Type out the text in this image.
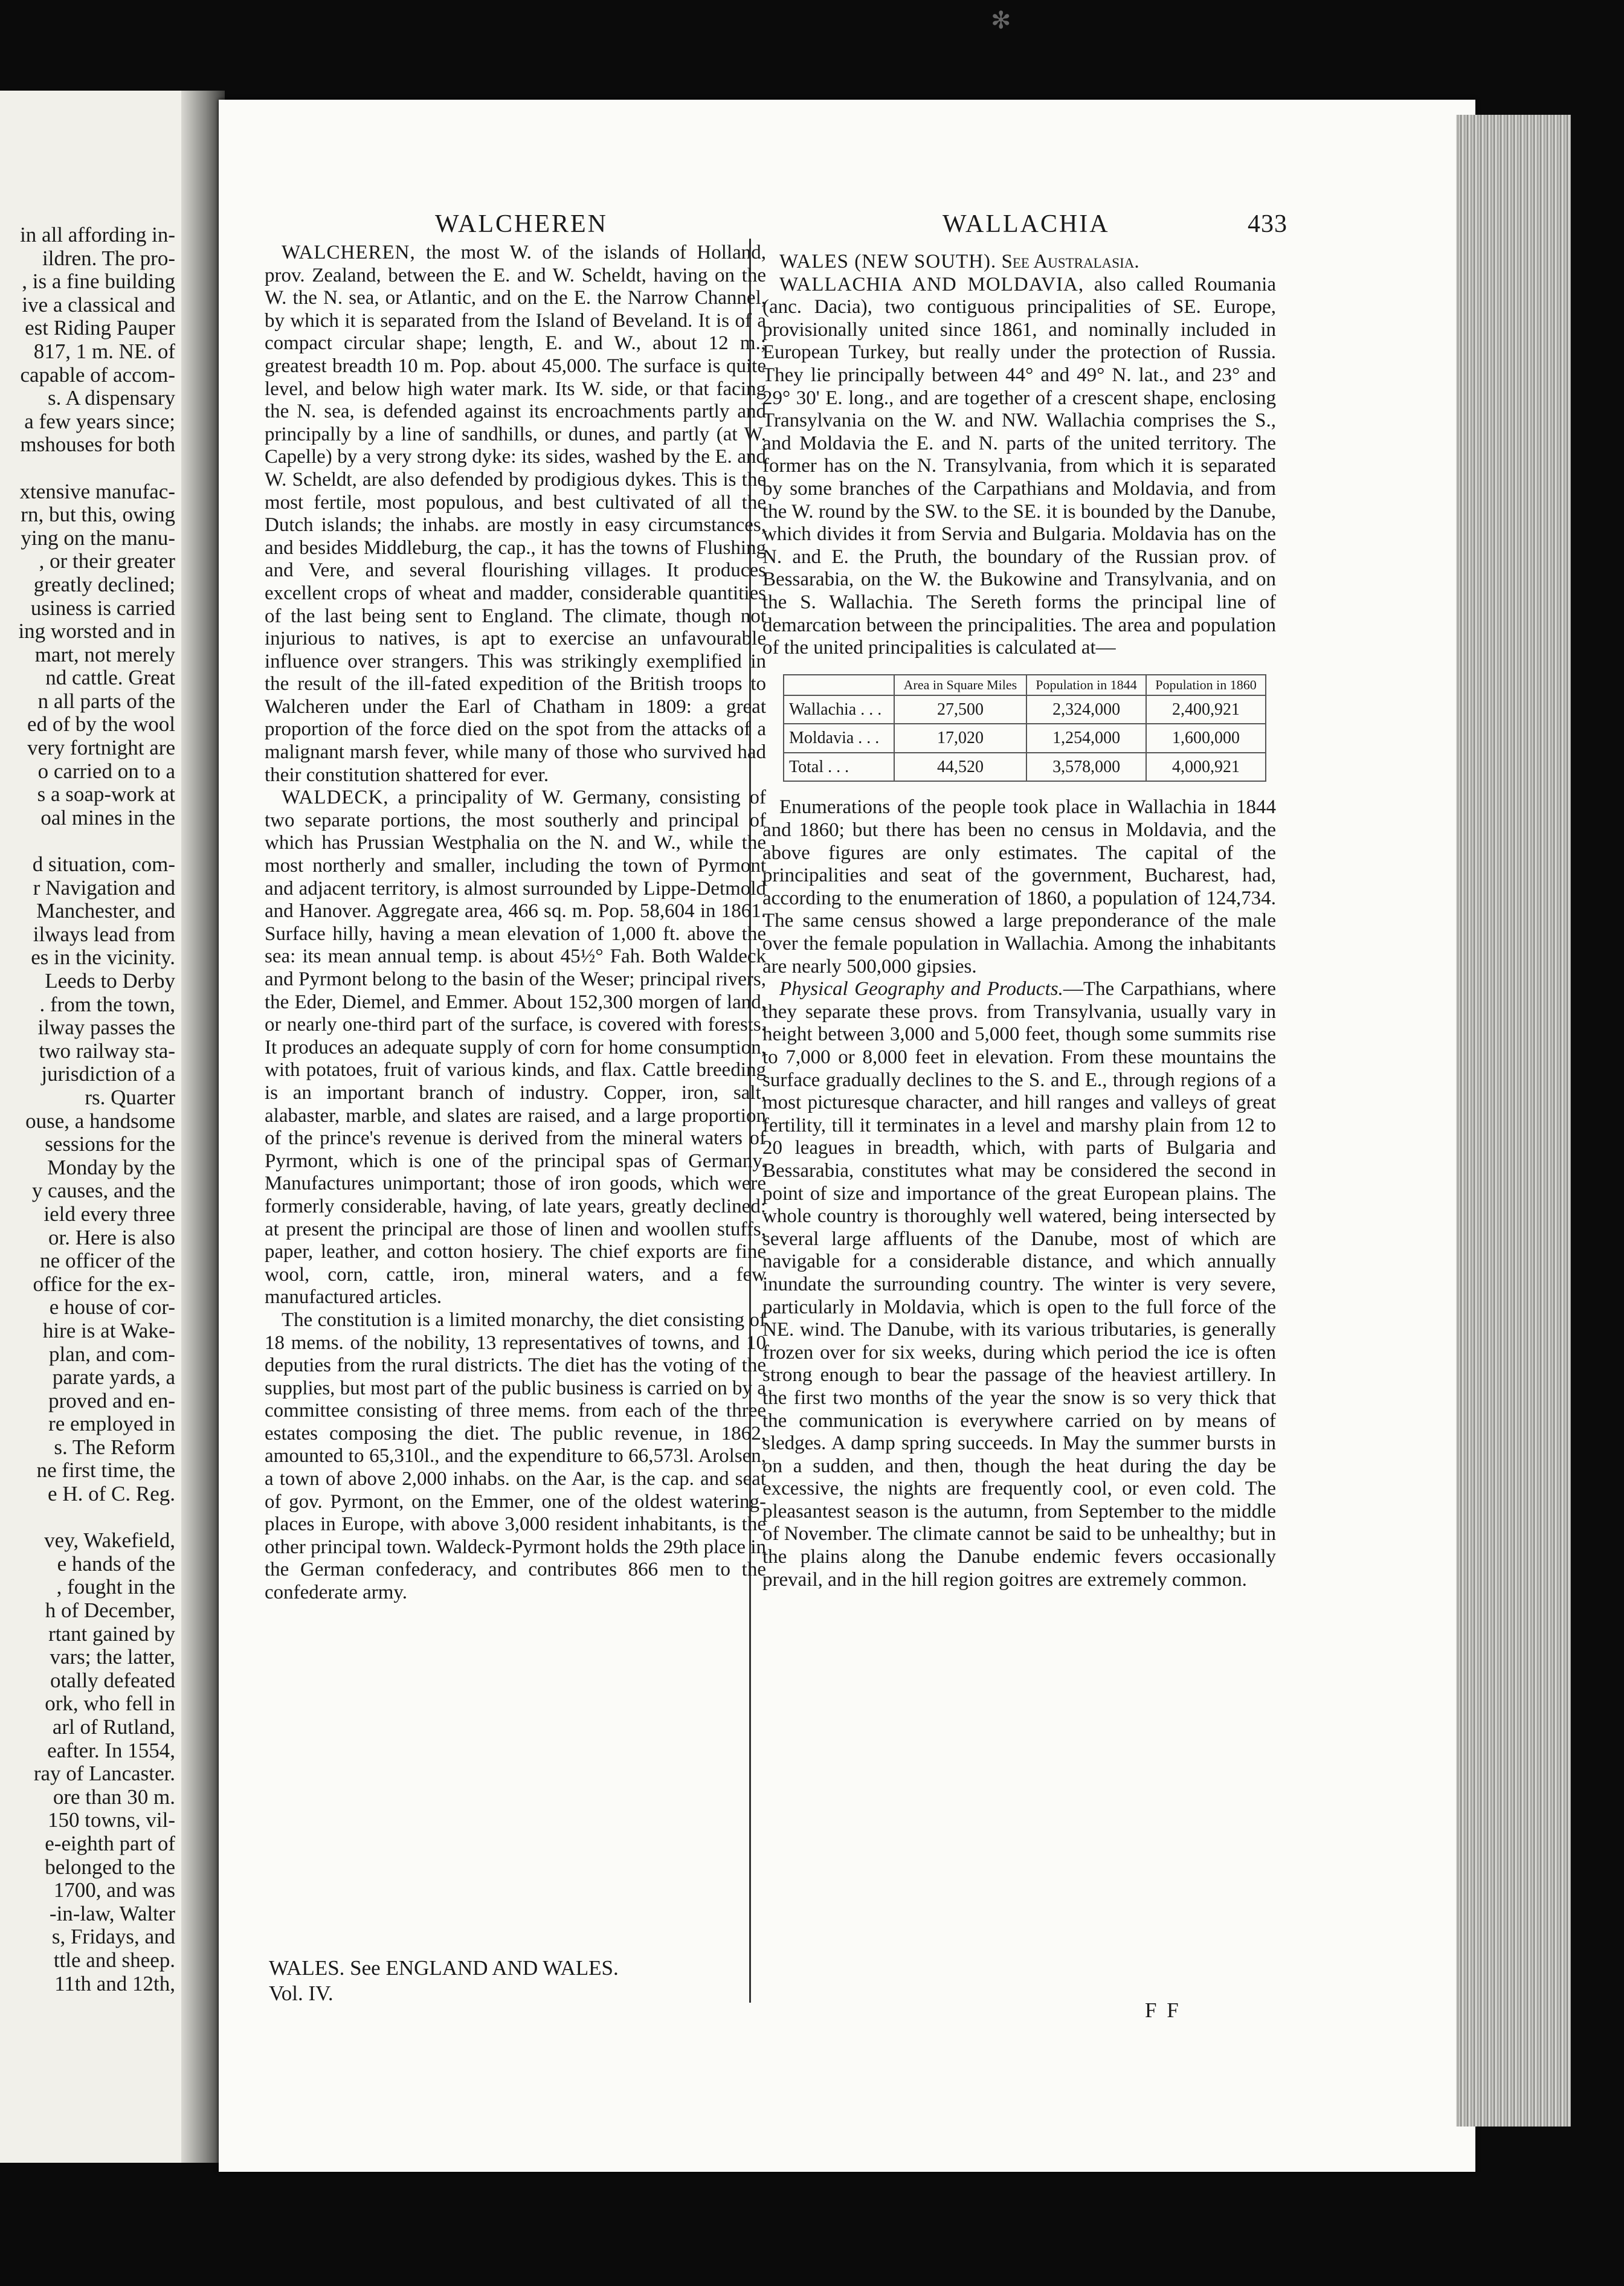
✻
in all affording in-
ildren. The pro-
, is a fine building
ive a classical and
est Riding Pauper
817, 1 m. NE. of
capable of accom-
s. A dispensary
a few years since;
mshouses for both

xtensive manufac-
rn, but this, owing
ying on the manu-
, or their greater
greatly declined;
usiness is carried
ing worsted and in
mart, not merely
nd cattle. Great
n all parts of the
ed of by the wool
very fortnight are
o carried on to a
s a soap-work at
oal mines in the

d situation, com-
r Navigation and
Manchester, and
ilways lead from
es in the vicinity.
Leeds to Derby
. from the town,
ilway passes the
two railway sta-
jurisdiction of a
rs. Quarter
ouse, a handsome
sessions for the
Monday by the
y causes, and the
ield every three
or. Here is also
ne officer of the
office for the ex-
e house of cor-
hire is at Wake-
plan, and com-
parate yards, a
proved and en-
re employed in
s. The Reform
ne first time, the
e H. of C. Reg.

vey, Wakefield,
e hands of the
, fought in the
h of December,
rtant gained by
vars; the latter,
otally defeated
ork, who fell in
arl of Rutland,
eafter. In 1554,
ray of Lancaster.
ore than 30 m.
150 towns, vil-
e-eighth part of
belonged to the
1700, and was
-in-law, Walter
s, Fridays, and
ttle and sheep.
11th and 12th,
WALCHEREN	WALLACHIA	433

WALCHEREN, the most W. of the islands of Holland, prov. Zealand, between the E. and W. Scheldt, having on the W. the N. sea, or Atlantic, and on the E. the Narrow Channel, by which it is separated from the Island of Beveland. It is of a compact circular shape; length, E. and W., about 12 m.; greatest breadth 10 m. Pop. about 45,000. The surface is quite level, and below high water mark. Its W. side, or that facing the N. sea, is defended against its encroachments partly and principally by a line of sandhills, or dunes, and partly (at W. Capelle) by a very strong dyke: its sides, washed by the E. and W. Scheldt, are also defended by prodigious dykes. This is the most fertile, most populous, and best cultivated of all the Dutch islands; the inhabs. are mostly in easy circumstances, and besides Middleburg, the cap., it has the towns of Flushing and Vere, and several flourishing villages. It produces excellent crops of wheat and madder, considerable quantities of the last being sent to England. The climate, though not injurious to natives, is apt to exercise an unfavourable influence over strangers. This was strikingly exemplified in the result of the ill-fated expedition of the British troops to Walcheren under the Earl of Chatham in 1809: a great proportion of the force died on the spot from the attacks of a malignant marsh fever, while many of those who survived had their constitution shattered for ever.

WALDECK, a principality of W. Germany, consisting of two separate portions, the most southerly and principal of which has Prussian Westphalia on the N. and W., while the most northerly and smaller, including the town of Pyrmont and adjacent territory, is almost surrounded by Lippe-Detmold and Hanover. Aggregate area, 466 sq. m. Pop. 58,604 in 1861. Surface hilly, having a mean elevation of 1,000 ft. above the sea: its mean annual temp. is about 45½° Fah. Both Waldeck and Pyrmont belong to the basin of the Weser; principal rivers, the Eder, Diemel, and Emmer. About 152,300 morgen of land, or nearly one-third part of the surface, is covered with forests. It produces an adequate supply of corn for home consumption, with potatoes, fruit of various kinds, and flax. Cattle breeding is an important branch of industry. Copper, iron, salt, alabaster, marble, and slates are raised, and a large proportion of the prince's revenue is derived from the mineral waters of Pyrmont, which is one of the principal spas of Germany. Manufactures unimportant; those of iron goods, which were formerly considerable, having, of late years, greatly declined: at present the principal are those of linen and woollen stuffs, paper, leather, and cotton hosiery. The chief exports are fine wool, corn, cattle, iron, mineral waters, and a few manufactured articles.

The constitution is a limited monarchy, the diet consisting of 18 mems. of the nobility, 13 representatives of towns, and 10 deputies from the rural districts. The diet has the voting of the supplies, but most part of the public business is carried on by a committee consisting of three mems. from each of the three estates composing the diet. The public revenue, in 1862, amounted to 65,310l., and the expenditure to 66,573l. Arolsen, a town of above 2,000 inhabs. on the Aar, is the cap. and seat of gov. Pyrmont, on the Emmer, one of the oldest watering-places in Europe, with above 3,000 resident inhabitants, is the other principal town. Waldeck-Pyrmont holds the 29th place in the German confederacy, and contributes 866 men to the confederate army.

WALES. See ENGLAND AND WALES.
Vol. IV.

WALES (NEW SOUTH). See Australasia.

WALLACHIA AND MOLDAVIA, also called Roumania (anc. Dacia), two contiguous principalities of SE. Europe, provisionally united since 1861, and nominally included in European Turkey, but really under the protection of Russia. They lie principally between 44° and 49° N. lat., and 23° and 29° 30' E. long., and are together of a crescent shape, enclosing Transylvania on the W. and NW. Wallachia comprises the S., and Moldavia the E. and N. parts of the united territory. The former has on the N. Transylvania, from which it is separated by some branches of the Carpathians and Moldavia, and from the W. round by the SW. to the SE. it is bounded by the Danube, which divides it from Servia and Bulgaria. Moldavia has on the N. and E. the Pruth, the boundary of the Russian prov. of Bessarabia, on the W. the Bukowine and Transylvania, and on the S. Wallachia. The Sereth forms the principal line of demarcation between the principalities. The area and population of the united principalities is calculated at—

	Area in Square Miles	Population in 1844	Population in 1860
Wallachia . . .	27,500	2,324,000	2,400,921
Moldavia . . .	17,020	1,254,000	1,600,000
Total . . .	44,520	3,578,000	4,000,921

Enumerations of the people took place in Wallachia in 1844 and 1860; but there has been no census in Moldavia, and the above figures are only estimates. The capital of the principalities and seat of the government, Bucharest, had, according to the enumeration of 1860, a population of 124,734. The same census showed a large preponderance of the male over the female population in Wallachia. Among the inhabitants are nearly 500,000 gipsies.

Physical Geography and Products.—The Carpathians, where they separate these provs. from Transylvania, usually vary in height between 3,000 and 5,000 feet, though some summits rise to 7,000 or 8,000 feet in elevation. From these mountains the surface gradually declines to the S. and E., through regions of a most picturesque character, and hill ranges and valleys of great fertility, till it terminates in a level and marshy plain from 12 to 20 leagues in breadth, which, with parts of Bulgaria and Bessarabia, constitutes what may be considered the second in point of size and importance of the great European plains. The whole country is thoroughly well watered, being intersected by several large affluents of the Danube, most of which are navigable for a considerable distance, and which annually inundate the surrounding country. The winter is very severe, particularly in Moldavia, which is open to the full force of the NE. wind. The Danube, with its various tributaries, is generally frozen over for six weeks, during which period the ice is often strong enough to bear the passage of the heaviest artillery. In the first two months of the year the snow is so very thick that the communication is everywhere carried on by means of sledges. A damp spring succeeds. In May the summer bursts in on a sudden, and then, though the heat during the day be excessive, the nights are frequently cool, or even cold. The pleasantest season is the autumn, from September to the middle of November. The climate cannot be said to be unhealthy; but in the plains along the Danube endemic fevers occasionally prevail, and in the hill region goitres are extremely common.

F F
